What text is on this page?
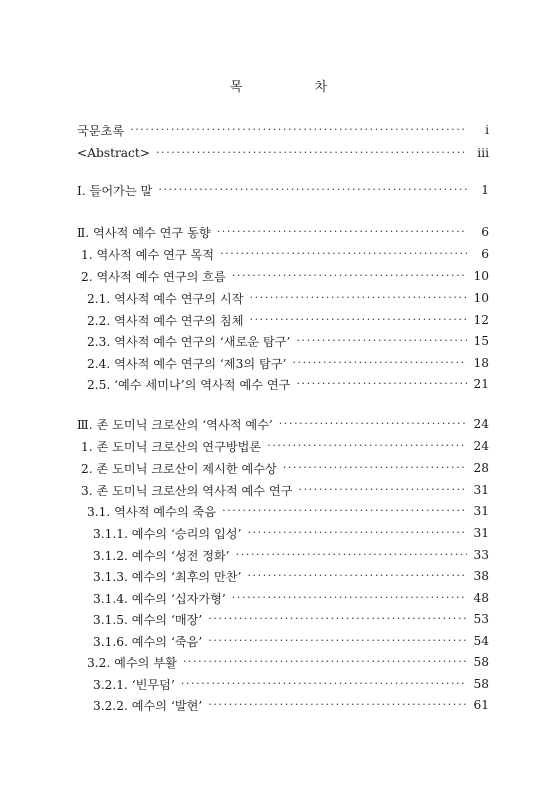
목 차
국문초록 ·····	i
<Abstract> ·····	iii
Ⅰ. 들어가는 말 ·····	1
Ⅱ. 역사적 예수 연구 동향 ·····	6
1. 역사적 예수 연구 목적 ·····	6
2. 역사적 예수 연구의 흐름 ·····	10
2.1. 역사적 예수 연구의 시작 ·····	10
2.2. 역사적 예수 연구의 침체 ·····	12
2.3. 역사적 예수 연구의 ‘새로운 탐구’ ·····	15
2.4. 역사적 예수 연구의 ‘제3의 탐구’ ·····	18
2.5. ‘예수 세미나’의 역사적 예수 연구 ·····	21
Ⅲ. 존 도미닉 크로산의 ‘역사적 예수’ ·····	24
1. 존 도미닉 크로산의 연구방법론 ·····	24
2. 존 도미닉 크로산이 제시한 예수상 ·····	28
3. 존 도미닉 크로산의 역사적 예수 연구 ·····	31
3.1. 역사적 예수의 죽음 ·····	31
3.1.1. 예수의 ‘승리의 입성’ ·····	31
3.1.2. 예수의 ‘성전 정화’ ·····	33
3.1.3. 예수의 ‘최후의 만찬’ ·····	38
3.1.4. 예수의 ‘십자가형’ ·····	48
3.1.5. 예수의 ‘매장’ ·····	53
3.1.6. 예수의 ‘죽음’ ·····	54
3.2. 예수의 부활 ·····	58
3.2.1. ‘빈무덤’ ·····	58
3.2.2. 예수의 ‘발현’ ·····	61
